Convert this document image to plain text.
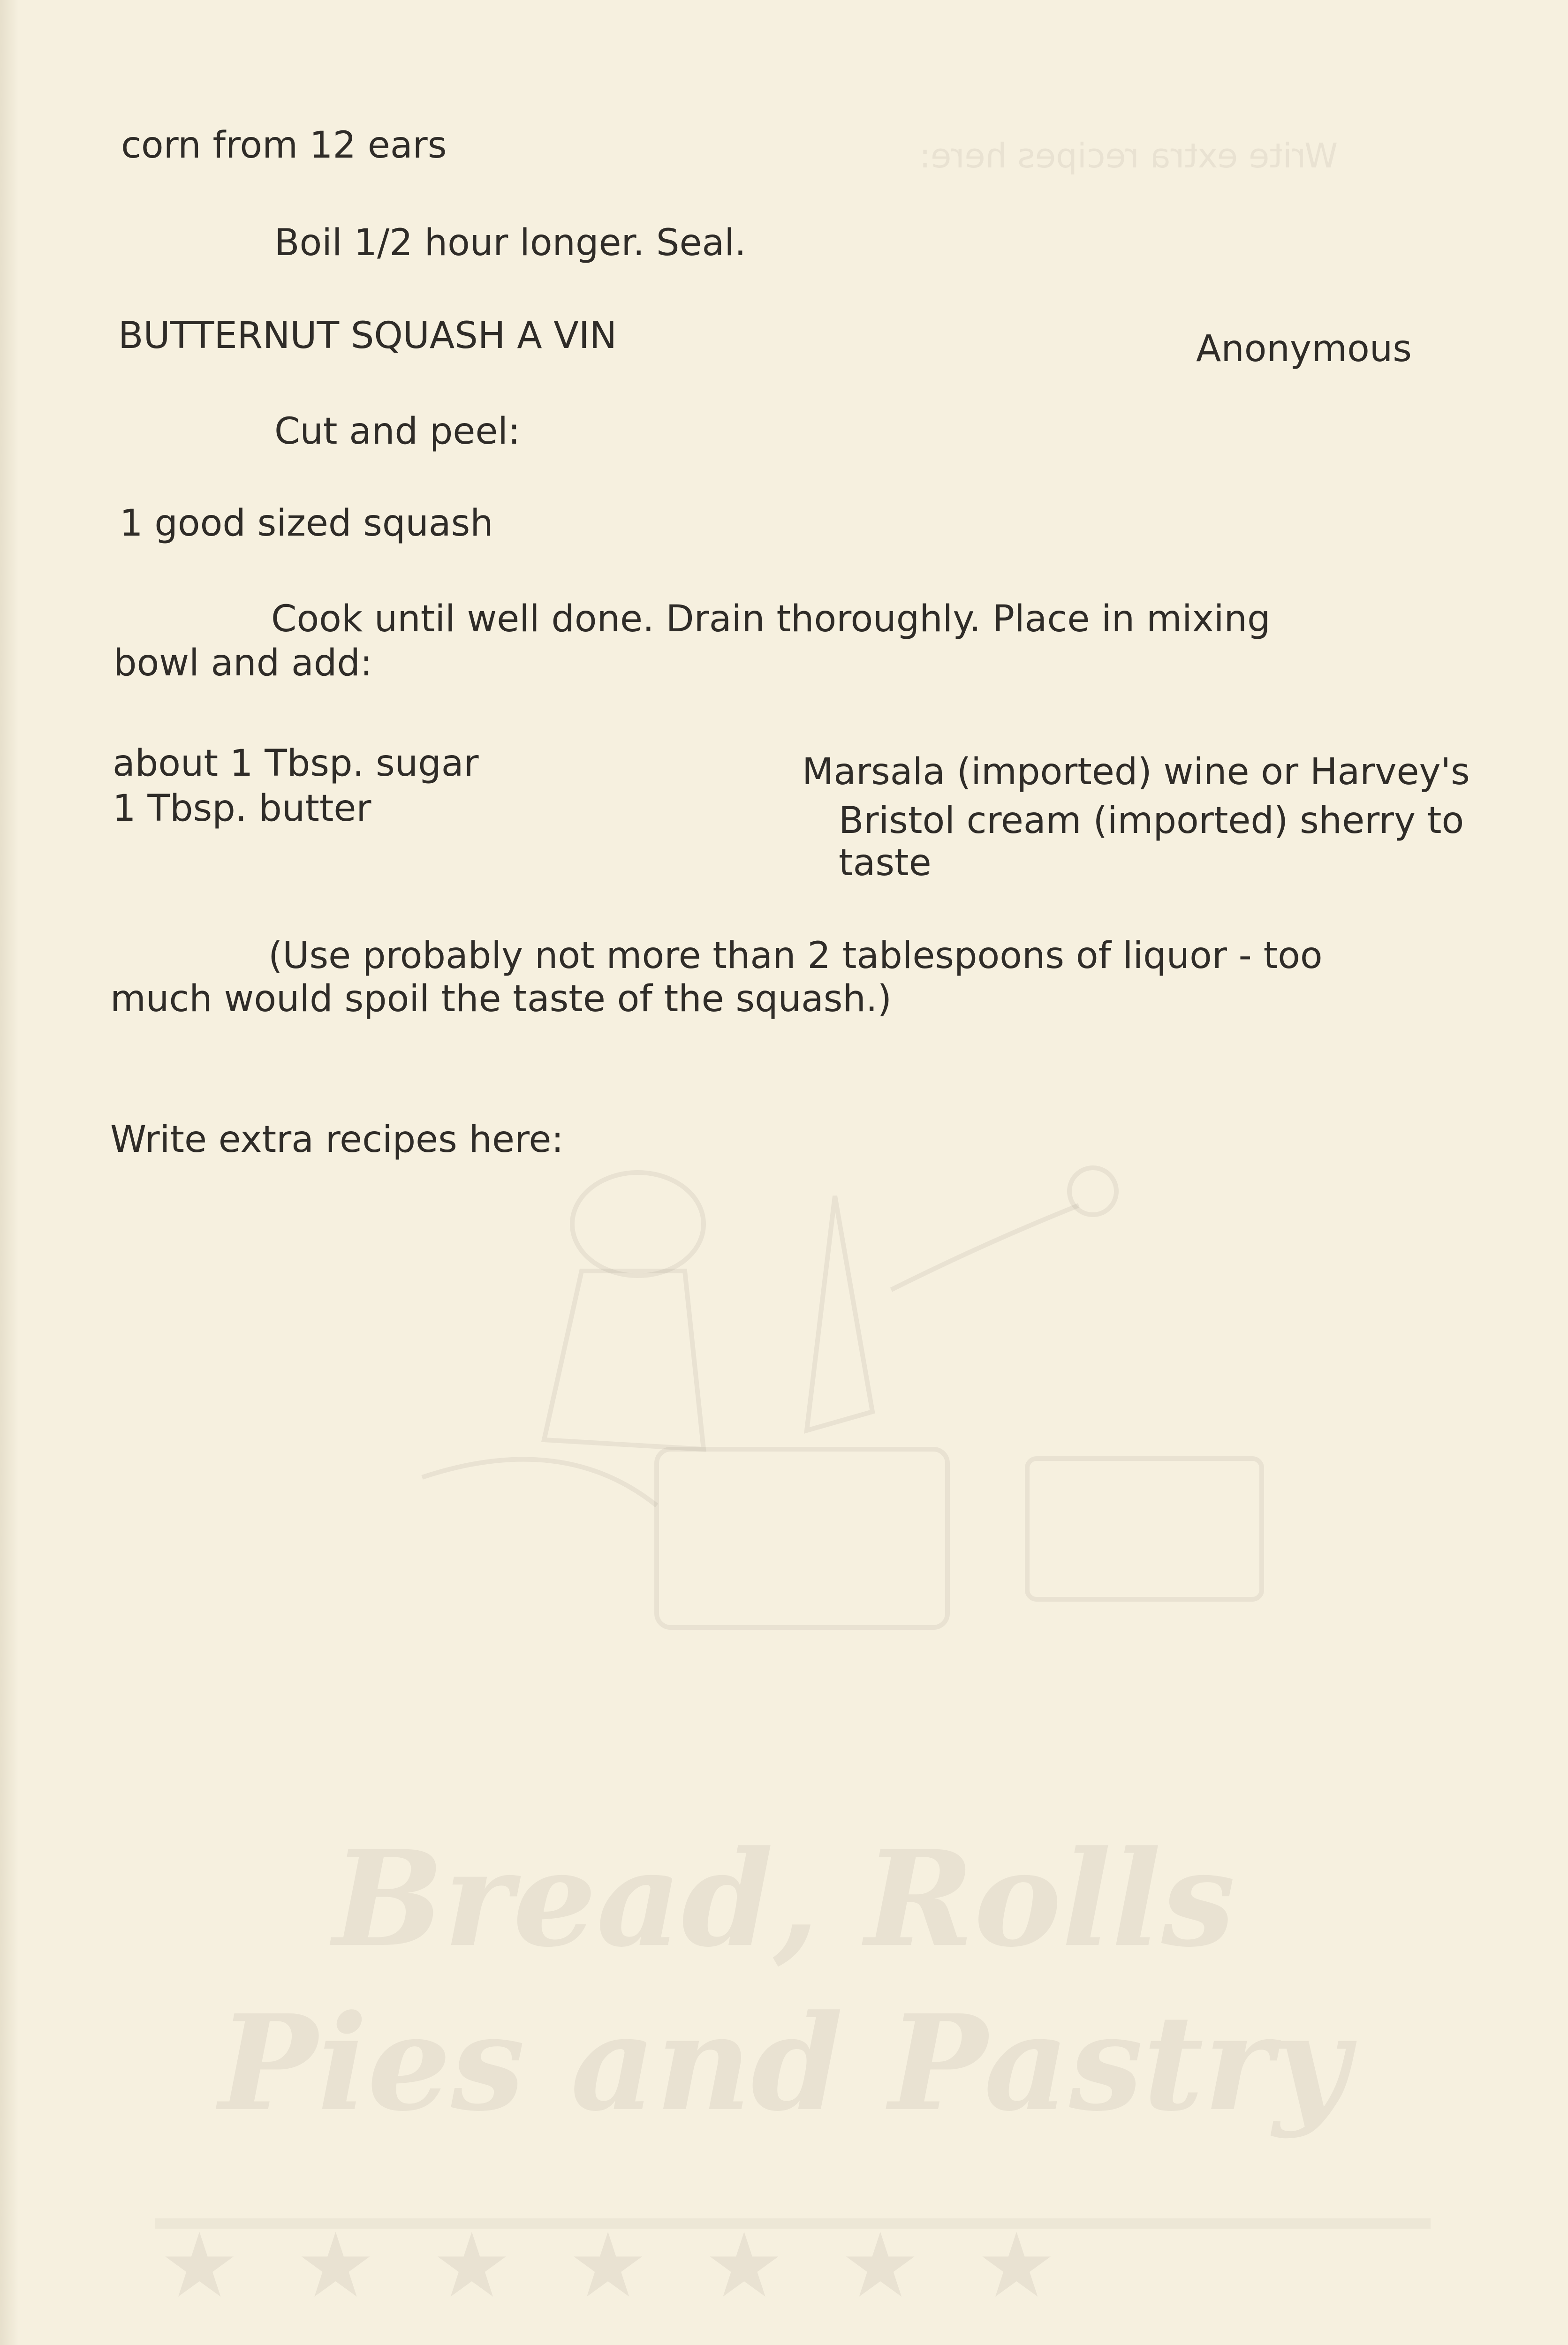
Write extra recipes here:
Bread, Rolls
Pies and Pastry
★★★★★★★
corn from 12 ears
Boil 1/2 hour longer. Seal.
BUTTERNUT SQUASH A VIN	Anonymous
Cut and peel:
1 good sized squash
Cook until well done. Drain thoroughly. Place in mixing
bowl and add:
about 1 Tbsp. sugar
1 Tbsp. butter
Marsala (imported) wine or Harvey's
Bristol cream (imported) sherry to
taste
(Use probably not more than 2 tablespoons of liquor - too
much would spoil the taste of the squash.)
Write extra recipes here:
